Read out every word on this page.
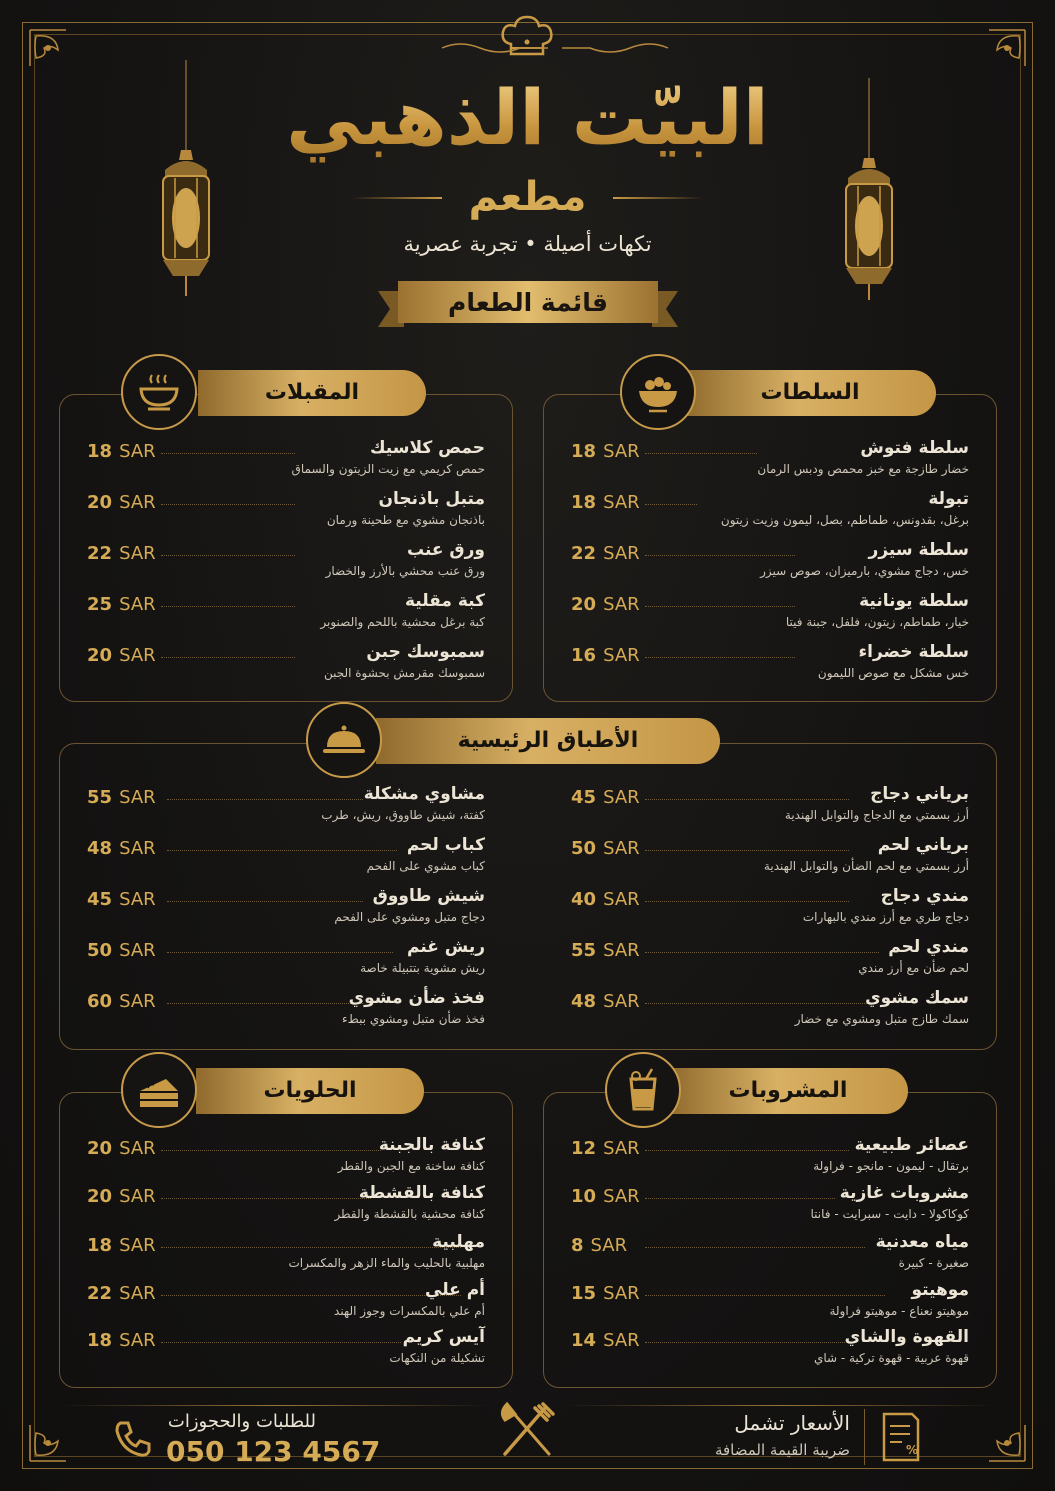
البيّت الذهبي
مطعم
تكهات أصيلة • تجربة عصرية
قائمة الطعام
السلطات
18 SAR	سلطة فتوش
خضار طازجة مع خبز محمص ودبس الرمان
18 SAR	تبولة
برغل، بقدونس، طماطم، بصل، ليمون وزيت زيتون
22 SAR	سلطة سيزر
خس، دجاج مشوي، بارميزان، صوص سيزر
20 SAR	سلطة يونانية
خيار، طماطم، زيتون، فلفل، جبنة فيتا
16 SAR	سلطة خضراء
خس مشكل مع صوص الليمون
المقبلات
18 SAR	حمص كلاسيك
حمص كريمي مع زيت الزيتون والسماق
20 SAR	متبل باذنجان
باذنجان مشوي مع طحينة ورمان
22 SAR	ورق عنب
ورق عنب محشي بالأرز والخضار
25 SAR	كبة مقلية
كبة برغل محشية باللحم والصنوبر
20 SAR	سمبوسك جبن
سمبوسك مقرمش بحشوة الجبن
الأطباق الرئيسية
45 SAR	برياني دجاج
أرز بسمتي مع الدجاج والتوابل الهندية
50 SAR	برياني لحم
أرز بسمتي مع لحم الضأن والتوابل الهندية
40 SAR	مندي دجاج
دجاج طري مع أرز مندي بالبهارات
55 SAR	مندي لحم
لحم ضأن مع أرز مندي
48 SAR	سمك مشوي
سمك طازج متبل ومشوي مع خضار
55 SAR	مشاوي مشكلة
كفتة، شيش طاووق، ريش، طرب
48 SAR	كباب لحم
كباب مشوي على الفحم
45 SAR	شيش طاووق
دجاج متبل ومشوي على الفحم
50 SAR	ريش غنم
ريش مشوية بتتبيلة خاصة
60 SAR	فخذ ضأن مشوي
فخذ ضأن متبل ومشوي ببطء
المشروبات
12 SAR	عصائر طبيعية
برتقال - ليمون - مانجو - فراولة
10 SAR	مشروبات غازية
كوكاكولا - دايت - سبرايت - فانتا
8 SAR	مياه معدنية
صغيرة - كبيرة
15 SAR	موهيتو
موهيتو نعناع - موهيتو فراولة
14 SAR	القهوة والشاي
قهوة عربية - قهوة تركية - شاي
الحلويات
20 SAR	كنافة بالجبنة
كنافة ساخنة مع الجبن والقطر
20 SAR	كنافة بالقشطة
كنافة محشية بالقشطة والقطر
18 SAR	مهلبية
مهلبية بالحليب والماء الزهر والمكسرات
22 SAR	أم علي
أم علي بالمكسرات وجوز الهند
18 SAR	آيس كريم
تشكيلة من النكهات
للطلبات والحجوزات
050 123 4567
الأسعار تشمل
ضريبة القيمة المضافة	%
